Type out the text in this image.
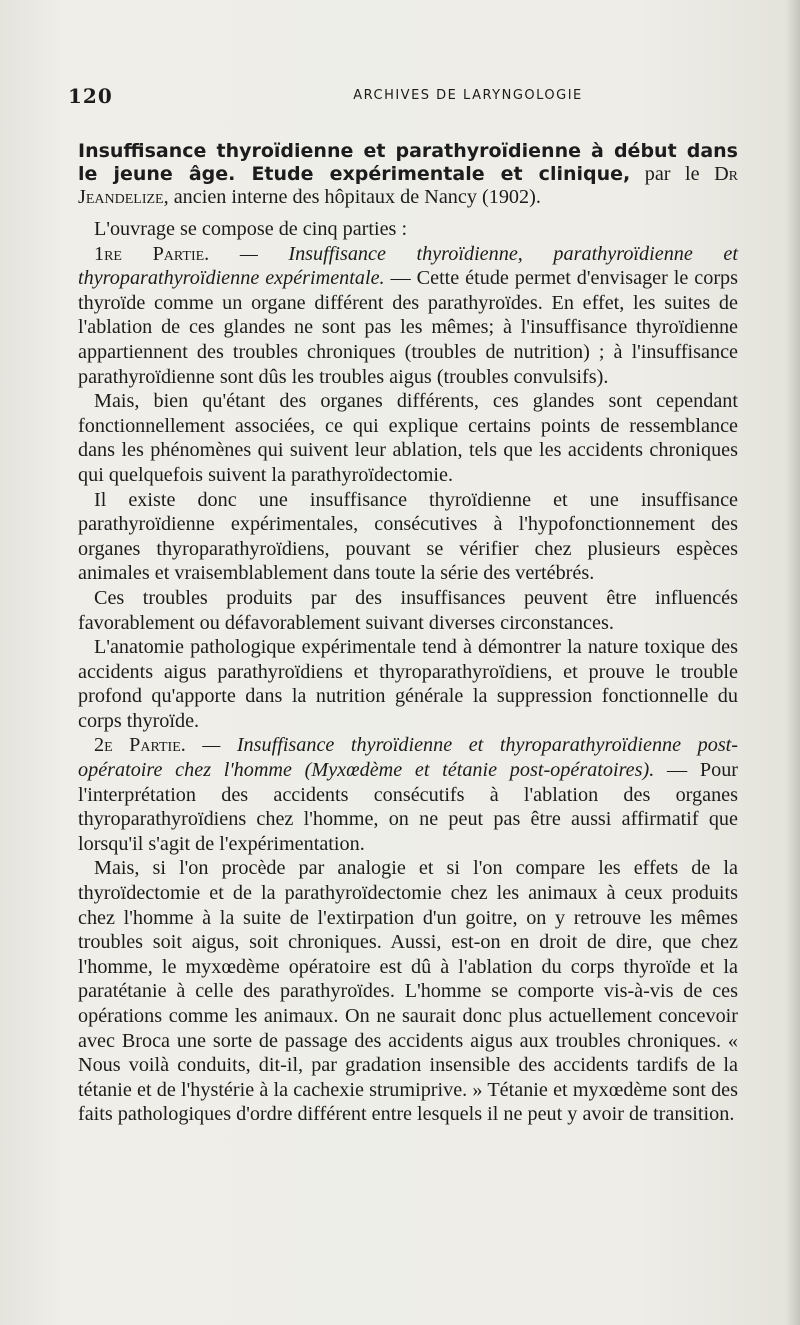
120	ARCHIVES DE LARYNGOLOGIE
Insuffisance thyroïdienne et parathyroïdienne à début dans le jeune âge. Etude expérimentale et clinique, par le Dr Jeandelize, ancien interne des hôpitaux de Nancy (1902).

L'ouvrage se compose de cinq parties :

1re Partie. — Insuffisance thyroïdienne, parathyroïdienne et thyroparathyroïdienne expérimentale. — Cette étude permet d'envisager le corps thyroïde comme un organe différent des parathyroïdes. En effet, les suites de l'ablation de ces glandes ne sont pas les mêmes; à l'insuffisance thyroïdienne appartiennent des troubles chroniques (troubles de nutrition) ; à l'insuffisance parathyroïdienne sont dûs les troubles aigus (troubles convulsifs).

Mais, bien qu'étant des organes différents, ces glandes sont cependant fonctionnellement associées, ce qui explique certains points de ressemblance dans les phénomènes qui suivent leur ablation, tels que les accidents chroniques qui quelquefois suivent la parathyroïdectomie.

Il existe donc une insuffisance thyroïdienne et une insuffisance parathyroïdienne expérimentales, consécutives à l'hypofonctionnement des organes thyroparathyroïdiens, pouvant se vérifier chez plusieurs espèces animales et vraisemblablement dans toute la série des vertébrés.

Ces troubles produits par des insuffisances peuvent être influencés favorablement ou défavorablement suivant diverses circonstances.

L'anatomie pathologique expérimentale tend à démontrer la nature toxique des accidents aigus parathyroïdiens et thyroparathyroïdiens, et prouve le trouble profond qu'apporte dans la nutrition générale la suppression fonctionnelle du corps thyroïde.

2e Partie. — Insuffisance thyroïdienne et thyroparathyroïdienne post-opératoire chez l'homme (Myxœdème et tétanie post-opératoires). — Pour l'interprétation des accidents consécutifs à l'ablation des organes thyroparathyroïdiens chez l'homme, on ne peut pas être aussi affirmatif que lorsqu'il s'agit de l'expérimentation.

Mais, si l'on procède par analogie et si l'on compare les effets de la thyroïdectomie et de la parathyroïdectomie chez les animaux à ceux produits chez l'homme à la suite de l'extirpation d'un goitre, on y retrouve les mêmes troubles soit aigus, soit chroniques. Aussi, est-on en droit de dire, que chez l'homme, le myxœdème opératoire est dû à l'ablation du corps thyroïde et la paratétanie à celle des parathyroïdes. L'homme se comporte vis-à-vis de ces opérations comme les animaux. On ne saurait donc plus actuellement concevoir avec Broca une sorte de passage des accidents aigus aux troubles chroniques. « Nous voilà conduits, dit-il, par gradation insensible des accidents tardifs de la tétanie et de l'hystérie à la cachexie strumiprive. » Tétanie et myxœdème sont des faits pathologiques d'ordre différent entre lesquels il ne peut y avoir de transition.
